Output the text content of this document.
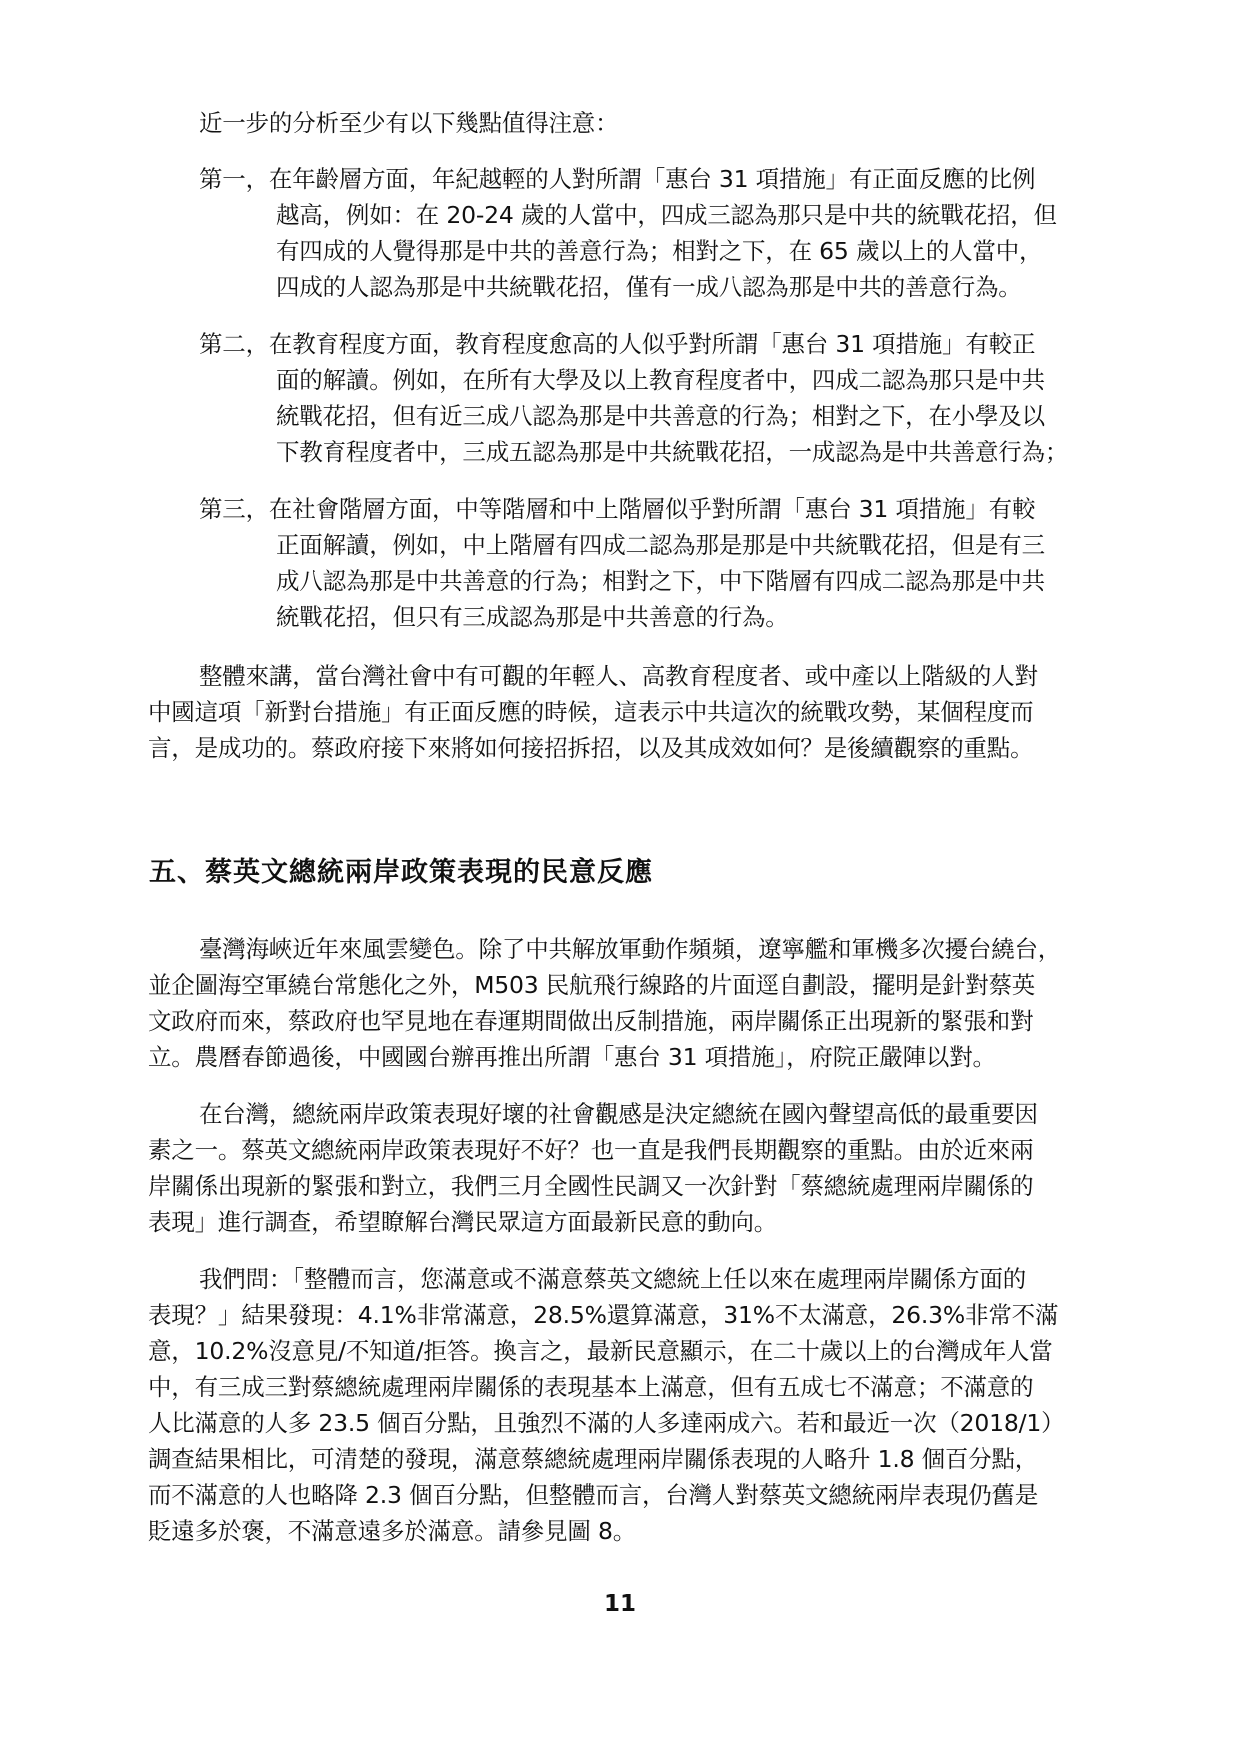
近一步的分析至少有以下幾點值得注意：
第一，在年齡層方面，年紀越輕的人對所謂「惠台 31 項措施」有正面反應的比例
越高，例如：在 20-24 歲的人當中，四成三認為那只是中共的統戰花招，但
有四成的人覺得那是中共的善意行為；相對之下，在 65 歲以上的人當中，
四成的人認為那是中共統戰花招，僅有一成八認為那是中共的善意行為。
第二，在教育程度方面，教育程度愈高的人似乎對所謂「惠台 31 項措施」有較正
面的解讀。例如，在所有大學及以上教育程度者中，四成二認為那只是中共
統戰花招，但有近三成八認為那是中共善意的行為；相對之下，在小學及以
下教育程度者中，三成五認為那是中共統戰花招，一成認為是中共善意行為；
第三，在社會階層方面，中等階層和中上階層似乎對所謂「惠台 31 項措施」有較
正面解讀，例如，中上階層有四成二認為那是那是中共統戰花招，但是有三
成八認為那是中共善意的行為；相對之下，中下階層有四成二認為那是中共
統戰花招，但只有三成認為那是中共善意的行為。
整體來講，當台灣社會中有可觀的年輕人、高教育程度者、或中產以上階級的人對
中國這項「新對台措施」有正面反應的時候，這表示中共這次的統戰攻勢，某個程度而
言，是成功的。蔡政府接下來將如何接招拆招，以及其成效如何？是後續觀察的重點。
五、蔡英文總統兩岸政策表現的民意反應
臺灣海峽近年來風雲變色。除了中共解放軍動作頻頻，遼寧艦和軍機多次擾台繞台，
並企圖海空軍繞台常態化之外，M503 民航飛行線路的片面逕自劃設，擺明是針對蔡英
文政府而來，蔡政府也罕見地在春運期間做出反制措施，兩岸關係正出現新的緊張和對
立。農曆春節過後，中國國台辦再推出所謂「惠台 31 項措施」，府院正嚴陣以對。
在台灣，總統兩岸政策表現好壞的社會觀感是決定總統在國內聲望高低的最重要因
素之一。蔡英文總統兩岸政策表現好不好？也一直是我們長期觀察的重點。由於近來兩
岸關係出現新的緊張和對立，我們三月全國性民調又一次針對「蔡總統處理兩岸關係的
表現」進行調查，希望瞭解台灣民眾這方面最新民意的動向。
我們問：「整體而言，您滿意或不滿意蔡英文總統上任以來在處理兩岸關係方面的
表現？」結果發現：4.1%非常滿意，28.5%還算滿意，31%不太滿意，26.3%非常不滿
意，10.2%沒意見/不知道/拒答。換言之，最新民意顯示，在二十歲以上的台灣成年人當
中，有三成三對蔡總統處理兩岸關係的表現基本上滿意，但有五成七不滿意；不滿意的
人比滿意的人多 23.5 個百分點，且強烈不滿的人多達兩成六。若和最近一次（2018/1）
調查結果相比，可清楚的發現，滿意蔡總統處理兩岸關係表現的人略升 1.8 個百分點，
而不滿意的人也略降 2.3 個百分點，但整體而言，台灣人對蔡英文總統兩岸表現仍舊是
貶遠多於褒，不滿意遠多於滿意。請參見圖 8。
11
